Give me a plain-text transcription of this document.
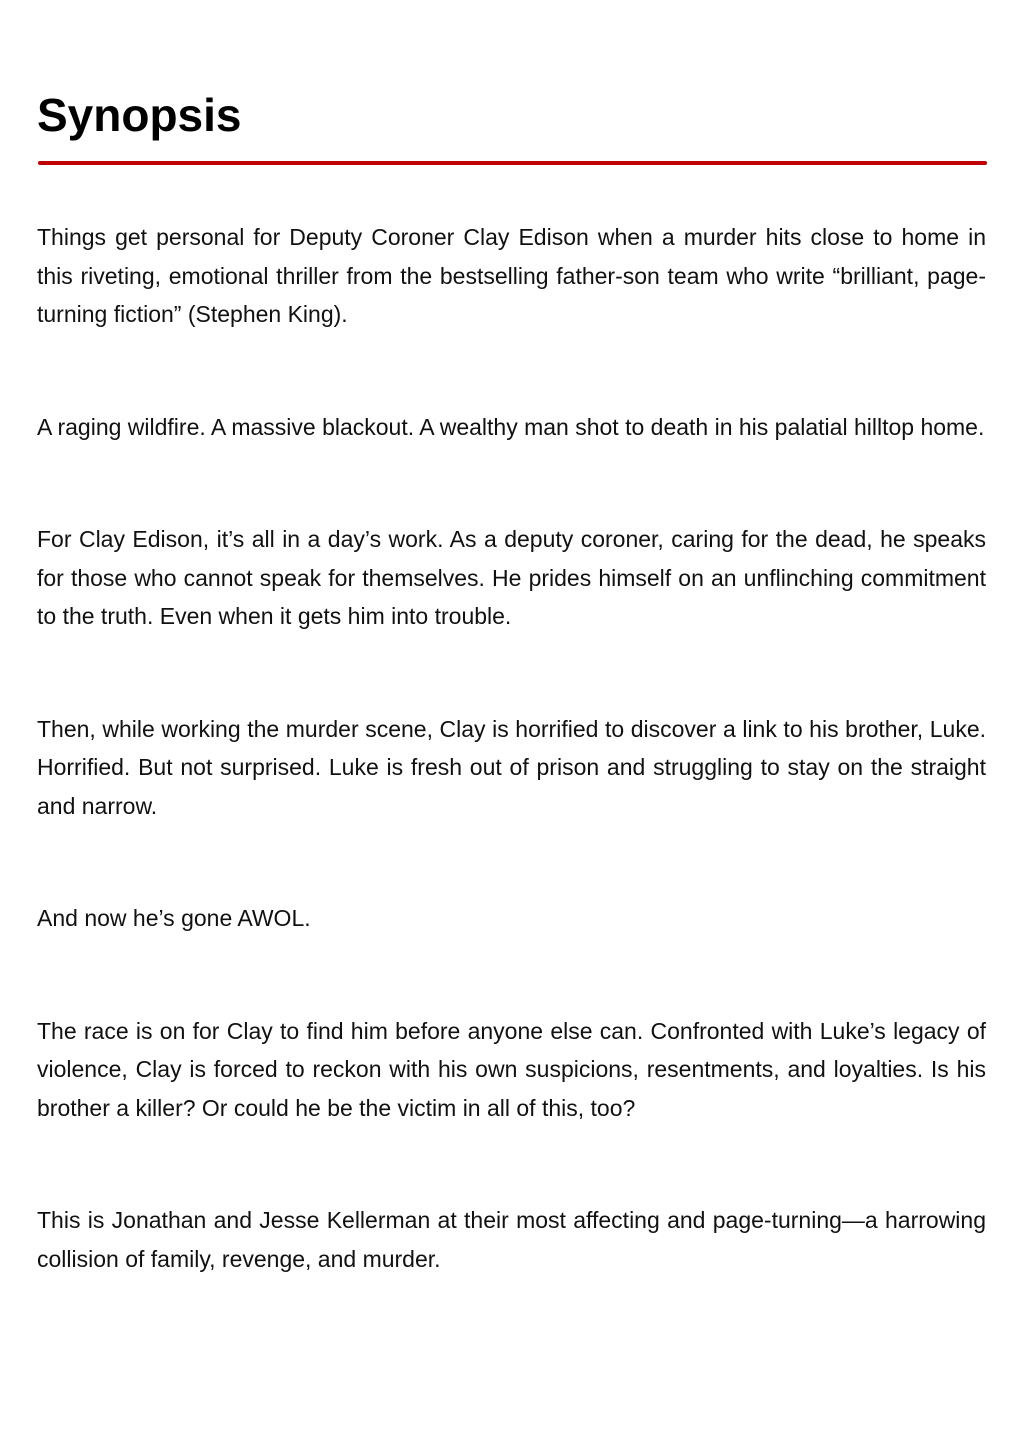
Synopsis

Things get personal for Deputy Coroner Clay Edison when a murder hits close to home in this riveting, emotional thriller from the bestselling father-son team who write “brilliant, page-turning fiction” (Stephen King).

A raging wildfire. A massive blackout. A wealthy man shot to death in his palatial hilltop home.

For Clay Edison, it’s all in a day’s work. As a deputy coroner, caring for the dead, he speaks for those who cannot speak for themselves. He prides himself on an unflinching commitment to the truth. Even when it gets him into trouble.

Then, while working the murder scene, Clay is horrified to discover a link to his brother, Luke. Horrified. But not surprised. Luke is fresh out of prison and struggling to stay on the straight and narrow.

And now he’s gone AWOL.

The race is on for Clay to find him before anyone else can. Confronted with Luke’s legacy of violence, Clay is forced to reckon with his own suspicions, resentments, and loyalties. Is his brother a killer? Or could he be the victim in all of this, too?

This is Jonathan and Jesse Kellerman at their most affecting and page-turning—a harrowing collision of family, revenge, and murder.
